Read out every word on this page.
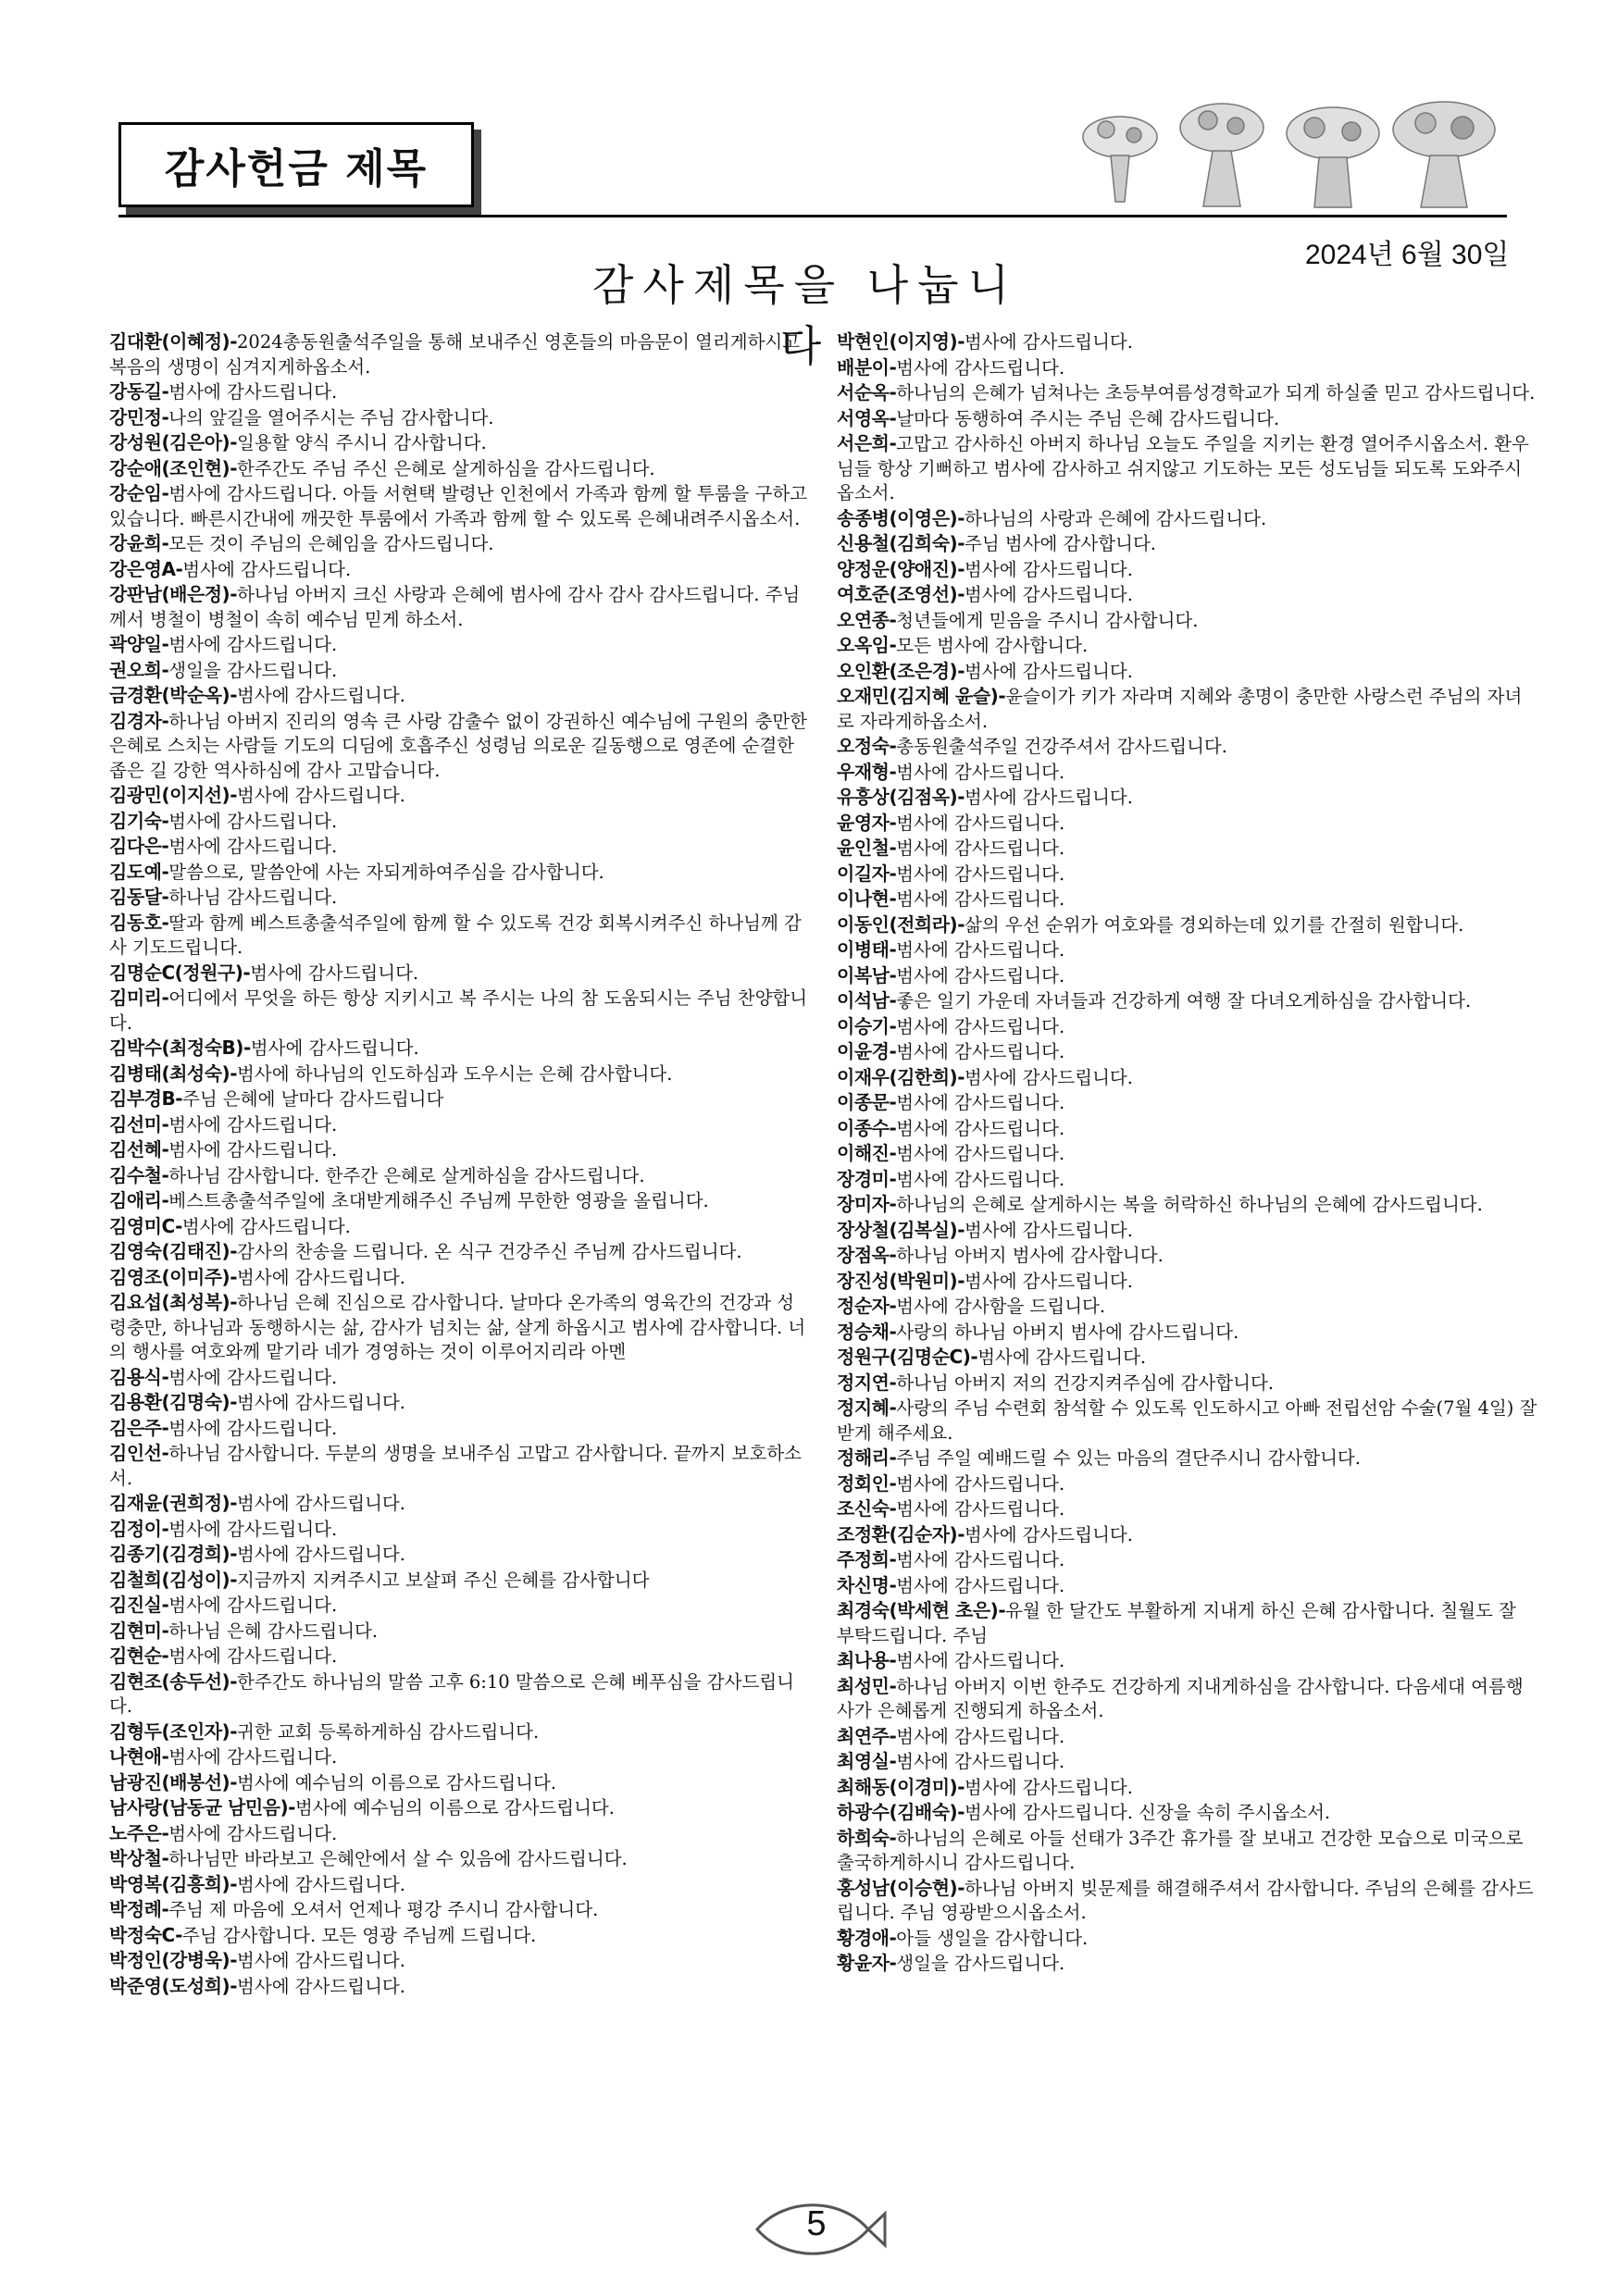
감사헌금 제목
2024년 6월 30일
감사제목을 나눕니다

김대환(이혜정)-2024총동원출석주일을 통해 보내주신 영혼들의 마음문이 열리게하시고 복음의 생명이 심겨지게하옵소서.

강동길-범사에 감사드립니다.

강민정-나의 앞길을 열어주시는 주님 감사합니다.

강성원(김은아)-일용할 양식 주시니 감사합니다.

강순애(조인현)-한주간도 주님 주신 은혜로 살게하심을 감사드립니다.

강순임-범사에 감사드립니다. 아들 서현택 발령난 인천에서 가족과 함께 할 투룸을 구하고 있습니다. 빠른시간내에 깨끗한 투룸에서 가족과 함께 할 수 있도록 은혜내려주시옵소서.

강윤희-모든 것이 주님의 은혜임을 감사드립니다.

강은영A-범사에 감사드립니다.

강판남(배은정)-하나님 아버지 크신 사랑과 은혜에 범사에 감사 감사 감사드립니다. 주님께서 병철이 병철이 속히 예수님 믿게 하소서.

곽양일-범사에 감사드립니다.

권오희-생일을 감사드립니다.

금경환(박순옥)-범사에 감사드립니다.

김경자-하나님 아버지 진리의 영속 큰 사랑 감출수 없이 강권하신 예수님에 구원의 충만한 은혜로 스치는 사람들 기도의 디딤에 호흡주신 성령님 의로운 길동행으로 영존에 순결한 좁은 길 강한 역사하심에 감사 고맙습니다.

김광민(이지선)-범사에 감사드립니다.

김기숙-범사에 감사드립니다.

김다은-범사에 감사드립니다.

김도예-말씀으로, 말씀안에 사는 자되게하여주심을 감사합니다.

김동달-하나님 감사드립니다.

김동호-딸과 함께 베스트총출석주일에 함께 할 수 있도록 건강 회복시켜주신 하나님께 감사 기도드립니다.

김명순C(정원구)-범사에 감사드립니다.

김미리-어디에서 무엇을 하든 항상 지키시고 복 주시는 나의 참 도움되시는 주님 찬양합니다.

김박수(최정숙B)-범사에 감사드립니다.

김병태(최성숙)-범사에 하나님의 인도하심과 도우시는 은혜 감사합니다.

김부경B-주님 은혜에 날마다 감사드립니다

김선미-범사에 감사드립니다.

김선혜-범사에 감사드립니다.

김수철-하나님 감사합니다. 한주간 은혜로 살게하심을 감사드립니다.

김애리-베스트총출석주일에 초대받게해주신 주님께 무한한 영광을 올립니다.

김영미C-범사에 감사드립니다.

김영숙(김태진)-감사의 찬송을 드립니다. 온 식구 건강주신 주님께 감사드립니다.

김영조(이미주)-범사에 감사드립니다.

김요섭(최성복)-하나님 은혜 진심으로 감사합니다. 날마다 온가족의 영육간의 건강과 성령충만, 하나님과 동행하시는 삶, 감사가 넘치는 삶, 살게 하옵시고 범사에 감사합니다. 너의 행사를 여호와께 맡기라 네가 경영하는 것이 이루어지리라 아멘

김용식-범사에 감사드립니다.

김용환(김명숙)-범사에 감사드립니다.

김은주-범사에 감사드립니다.

김인선-하나님 감사합니다. 두분의 생명을 보내주심 고맙고 감사합니다. 끝까지 보호하소서.

김재윤(권희정)-범사에 감사드립니다.

김정이-범사에 감사드립니다.

김종기(김경희)-범사에 감사드립니다.

김철희(김성이)-지금까지 지켜주시고 보살펴 주신 은혜를 감사합니다

김진실-범사에 감사드립니다.

김현미-하나님 은혜 감사드립니다.

김현순-범사에 감사드립니다.

김현조(송두선)-한주간도 하나님의 말씀 고후 6:10 말씀으로 은혜 베푸심을 감사드립니다.

김형두(조인자)-귀한 교회 등록하게하심 감사드립니다.

나현애-범사에 감사드립니다.

남광진(배봉선)-범사에 예수님의 이름으로 감사드립니다.

남사랑(남동균 남민음)-범사에 예수님의 이름으로 감사드립니다.

노주은-범사에 감사드립니다.

박상철-하나님만 바라보고 은혜안에서 살 수 있음에 감사드립니다.

박영복(김흥희)-범사에 감사드립니다.

박정례-주님 제 마음에 오셔서 언제나 평강 주시니 감사합니다.

박정숙C-주님 감사합니다. 모든 영광 주님께 드립니다.

박정인(강병욱)-범사에 감사드립니다.

박준영(도성희)-범사에 감사드립니다.

박현인(이지영)-범사에 감사드립니다.

배분이-범사에 감사드립니다.

서순옥-하나님의 은혜가 넘쳐나는 초등부여름성경학교가 되게 하실줄 믿고 감사드립니다.

서영옥-날마다 동행하여 주시는 주님 은혜 감사드립니다.

서은희-고맙고 감사하신 아버지 하나님 오늘도 주일을 지키는 환경 열어주시옵소서. 환우님들 항상 기뻐하고 범사에 감사하고 쉬지않고 기도하는 모든 성도님들 되도록 도와주시옵소서.

송종병(이영은)-하나님의 사랑과 은혜에 감사드립니다.

신용철(김희숙)-주님 범사에 감사합니다.

양정운(양애진)-범사에 감사드립니다.

여호준(조영선)-범사에 감사드립니다.

오연종-청년들에게 믿음을 주시니 감사합니다.

오옥임-모든 범사에 감사합니다.

오인환(조은경)-범사에 감사드립니다.

오재민(김지혜 윤슬)-윤슬이가 키가 자라며 지혜와 총명이 충만한 사랑스런 주님의 자녀로 자라게하옵소서.

오정숙-총동원출석주일 건강주셔서 감사드립니다.

우재형-범사에 감사드립니다.

유흥상(김점옥)-범사에 감사드립니다.

윤영자-범사에 감사드립니다.

윤인철-범사에 감사드립니다.

이길자-범사에 감사드립니다.

이나현-범사에 감사드립니다.

이동인(전희라)-삶의 우선 순위가 여호와를 경외하는데 있기를 간절히 원합니다.

이병태-범사에 감사드립니다.

이복남-범사에 감사드립니다.

이석남-좋은 일기 가운데 자녀들과 건강하게 여행 잘 다녀오게하심을 감사합니다.

이승기-범사에 감사드립니다.

이윤경-범사에 감사드립니다.

이재우(김한희)-범사에 감사드립니다.

이종문-범사에 감사드립니다.

이종수-범사에 감사드립니다.

이해진-범사에 감사드립니다.

장경미-범사에 감사드립니다.

장미자-하나님의 은혜로 살게하시는 복을 허락하신 하나님의 은혜에 감사드립니다.

장상철(김복실)-범사에 감사드립니다.

장점옥-하나님 아버지 범사에 감사합니다.

장진성(박원미)-범사에 감사드립니다.

정순자-범사에 감사함을 드립니다.

정승채-사랑의 하나님 아버지 범사에 감사드립니다.

정원구(김명순C)-범사에 감사드립니다.

정지연-하나님 아버지 저의 건강지켜주심에 감사합니다.

정지혜-사랑의 주님 수련회 참석할 수 있도록 인도하시고 아빠 전립선암 수술(7월 4일) 잘 받게 해주세요.

정해리-주님 주일 예배드릴 수 있는 마음의 결단주시니 감사합니다.

정회인-범사에 감사드립니다.

조신숙-범사에 감사드립니다.

조정환(김순자)-범사에 감사드립니다.

주정희-범사에 감사드립니다.

차신명-범사에 감사드립니다.

최경숙(박세현 초은)-유월 한 달간도 부활하게 지내게 하신 은혜 감사합니다. 칠월도 잘 부탁드립니다. 주님

최나용-범사에 감사드립니다.

최성민-하나님 아버지 이번 한주도 건강하게 지내게하심을 감사합니다. 다음세대 여름행사가 은혜롭게 진행되게 하옵소서.

최연주-범사에 감사드립니다.

최영실-범사에 감사드립니다.

최해동(이경미)-범사에 감사드립니다.

하광수(김배숙)-범사에 감사드립니다. 신장을 속히 주시옵소서.

하희숙-하나님의 은혜로 아들 선태가 3주간 휴가를 잘 보내고 건강한 모습으로 미국으로 출국하게하시니 감사드립니다.

홍성남(이승현)-하나님 아버지 빚문제를 해결해주셔서 감사합니다. 주님의 은혜를 감사드립니다. 주님 영광받으시옵소서.

황경애-아들 생일을 감사합니다.

황윤자-생일을 감사드립니다.

5
